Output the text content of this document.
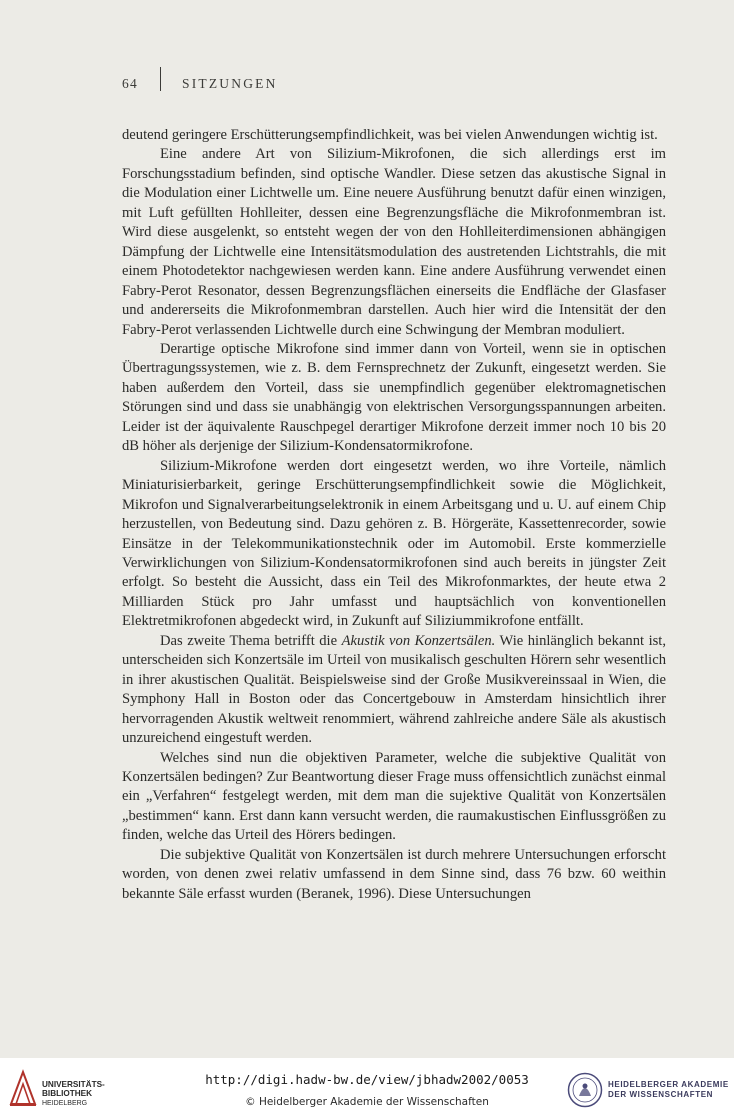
64	SITZUNGEN

deutend geringere Erschütterungsempfindlichkeit, was bei vielen Anwendungen wichtig ist.

Eine andere Art von Silizium-Mikrofonen, die sich allerdings erst im Forschungsstadium befinden, sind optische Wandler. Diese setzen das akustische Signal in die Modulation einer Lichtwelle um. Eine neuere Ausführung benutzt dafür einen winzigen, mit Luft gefüllten Hohlleiter, dessen eine Begrenzungsfläche die Mikrofonmembran ist. Wird diese ausgelenkt, so entsteht wegen der von den Hohlleiterdimensionen abhängigen Dämpfung der Lichtwelle eine Intensitätsmodulation des austretenden Lichtstrahls, die mit einem Photodetektor nachgewiesen werden kann. Eine andere Ausführung verwendet einen Fabry-Perot Resonator, dessen Begrenzungsflächen einerseits die Endfläche der Glasfaser und andererseits die Mikrofonmembran darstellen. Auch hier wird die Intensität der den Fabry-Perot verlassenden Lichtwelle durch eine Schwingung der Membran moduliert.

Derartige optische Mikrofone sind immer dann von Vorteil, wenn sie in optischen Übertragungssystemen, wie z. B. dem Fernsprechnetz der Zukunft, eingesetzt werden. Sie haben außerdem den Vorteil, dass sie unempfindlich gegenüber elektromagnetischen Störungen sind und dass sie unabhängig von elektrischen Versorgungsspannungen arbeiten. Leider ist der äquivalente Rauschpegel derartiger Mikrofone derzeit immer noch 10 bis 20 dB höher als derjenige der Silizium-Kondensatormikrofone.

Silizium-Mikrofone werden dort eingesetzt werden, wo ihre Vorteile, nämlich Miniaturisierbarkeit, geringe Erschütterungsempfindlichkeit sowie die Möglichkeit, Mikrofon und Signalverarbeitungselektronik in einem Arbeitsgang und u. U. auf einem Chip herzustellen, von Bedeutung sind. Dazu gehören z. B. Hörgeräte, Kassettenrecorder, sowie Einsätze in der Telekommunikationstechnik oder im Automobil. Erste kommerzielle Verwirklichungen von Silizium-Kondensatormikrofonen sind auch bereits in jüngster Zeit erfolgt. So besteht die Aussicht, dass ein Teil des Mikrofonmarktes, der heute etwa 2 Milliarden Stück pro Jahr umfasst und hauptsächlich von konventionellen Elektretmikrofonen abgedeckt wird, in Zukunft auf Siliziummikrofone entfällt.

Das zweite Thema betrifft die Akustik von Konzertsälen. Wie hinlänglich bekannt ist, unterscheiden sich Konzertsäle im Urteil von musikalisch geschulten Hörern sehr wesentlich in ihrer akustischen Qualität. Beispielsweise sind der Große Musikvereinssaal in Wien, die Symphony Hall in Boston oder das Concertgebouw in Amsterdam hinsichtlich ihrer hervorragenden Akustik weltweit renommiert, während zahlreiche andere Säle als akustisch unzureichend eingestuft werden.

Welches sind nun die objektiven Parameter, welche die subjektive Qualität von Konzertsälen bedingen? Zur Beantwortung dieser Frage muss offensichtlich zunächst einmal ein „Verfahren“ festgelegt werden, mit dem man die sujektive Qualität von Konzertsälen „bestimmen“ kann. Erst dann kann versucht werden, die raumakustischen Einflussgrößen zu finden, welche das Urteil des Hörers bedingen.

Die subjektive Qualität von Konzertsälen ist durch mehrere Untersuchungen erforscht worden, von denen zwei relativ umfassend in dem Sinne sind, dass 76 bzw. 60 weithin bekannte Säle erfasst wurden (Beranek, 1996). Diese Untersuchungen

UNIVERSITÄTS-
BIBLIOTHEK
HEIDELBERG
http://digi.hadw-bw.de/view/jbhadw2002/0053
© Heidelberger Akademie der Wissenschaften
HEIDELBERGER AKADEMIE
DER WISSENSCHAFTEN
